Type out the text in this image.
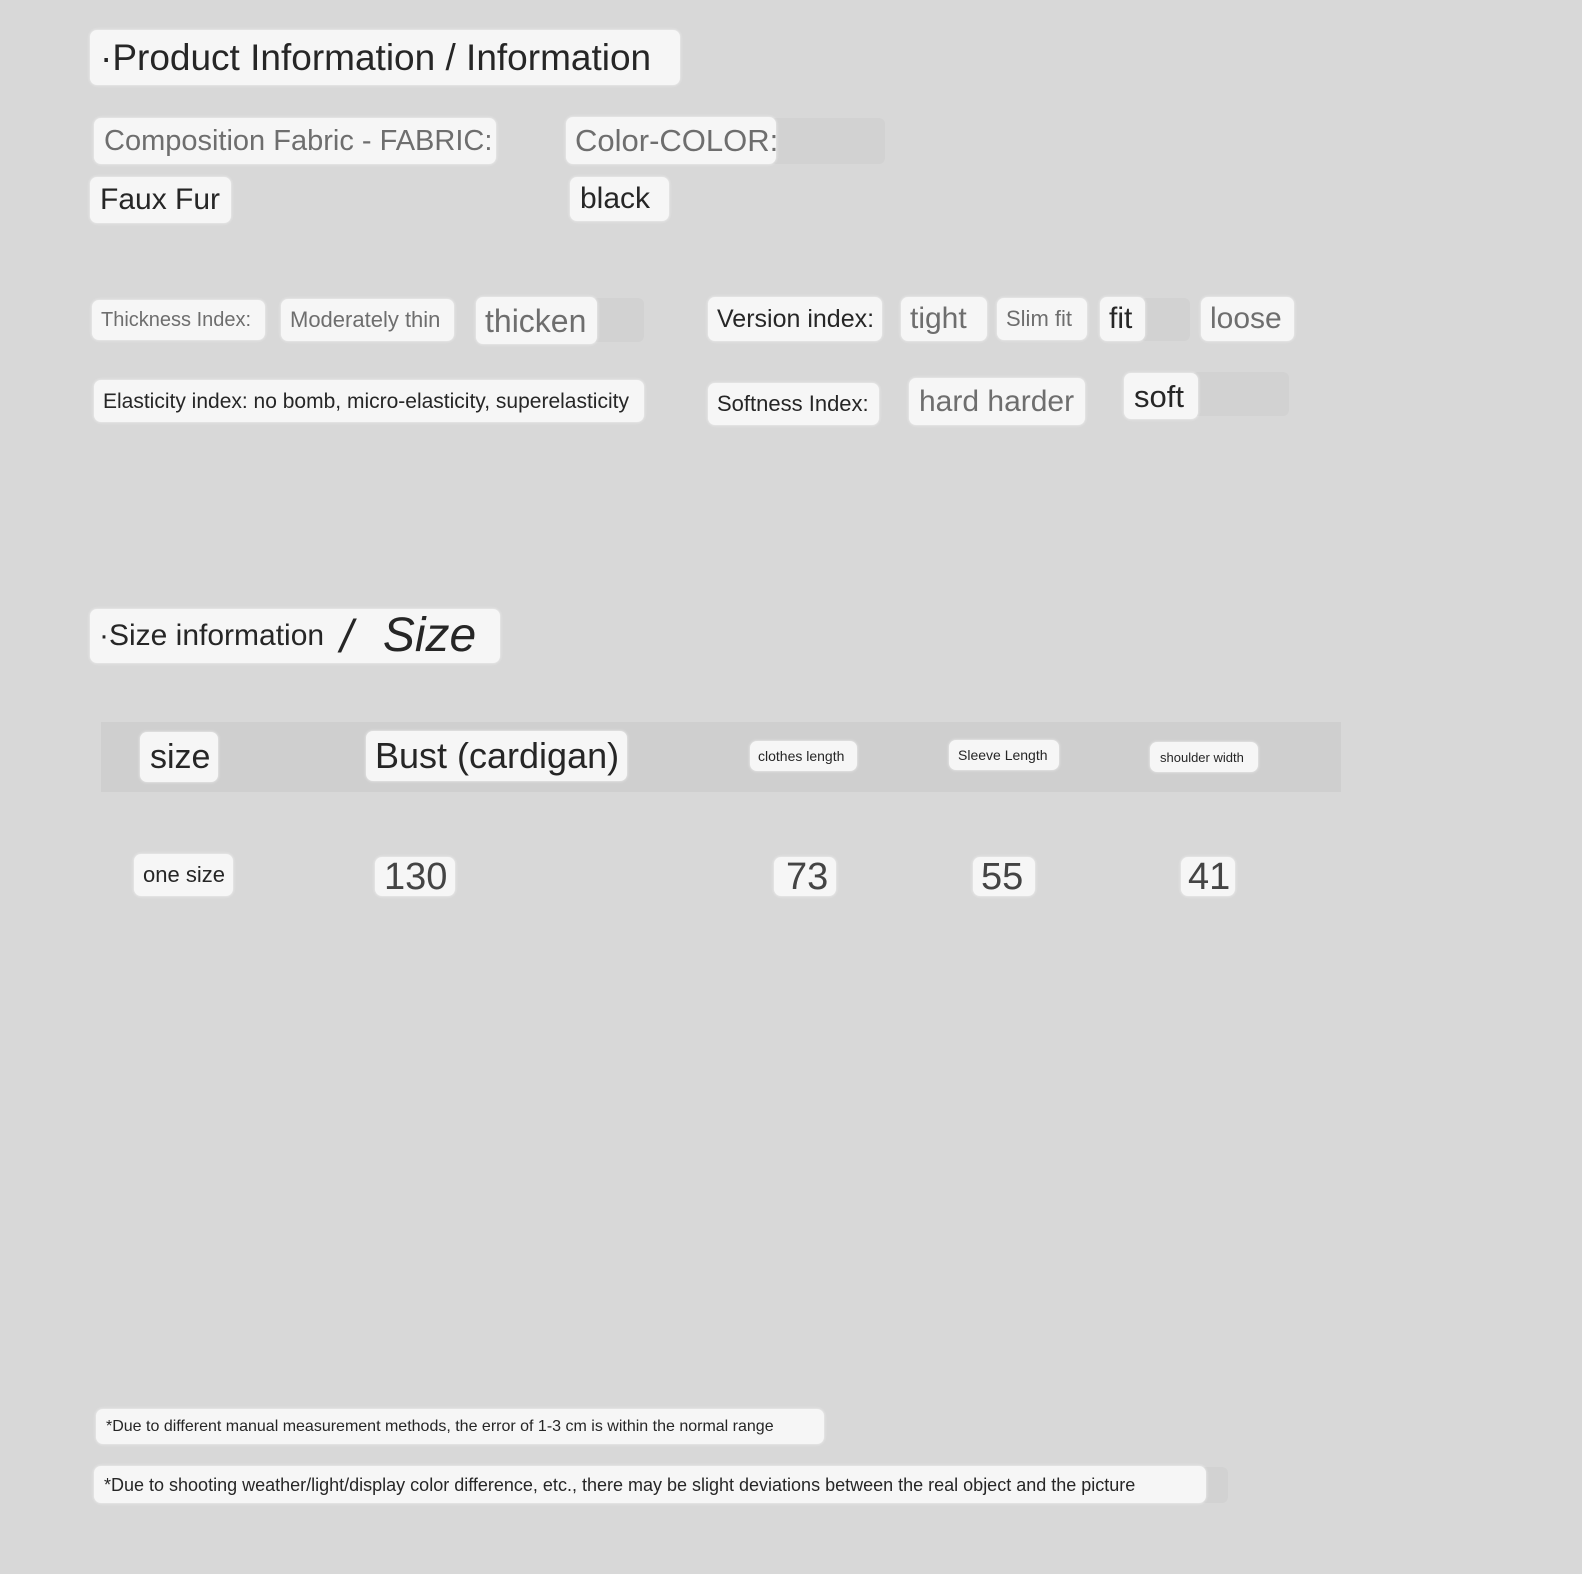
·Product Information / Information
Composition Fabric - FABRIC:
Faux Fur
Color-COLOR:
black
Thickness Index: Moderately thin thicken	Version index: tight Slim fit fit	loose
Elasticity index: no bomb, micro-elasticity, superelasticity	Softness Index: hard harder soft
·Size information / Size
size	Bust (cardigan)	clothes length	Sleeve Length	shoulder width
one size	130	73	55	41
*Due to different manual measurement methods, the error of 1-3 cm is within the normal range
*Due to shooting weather/light/display color difference, etc., there may be slight deviations between the real object and the picture
